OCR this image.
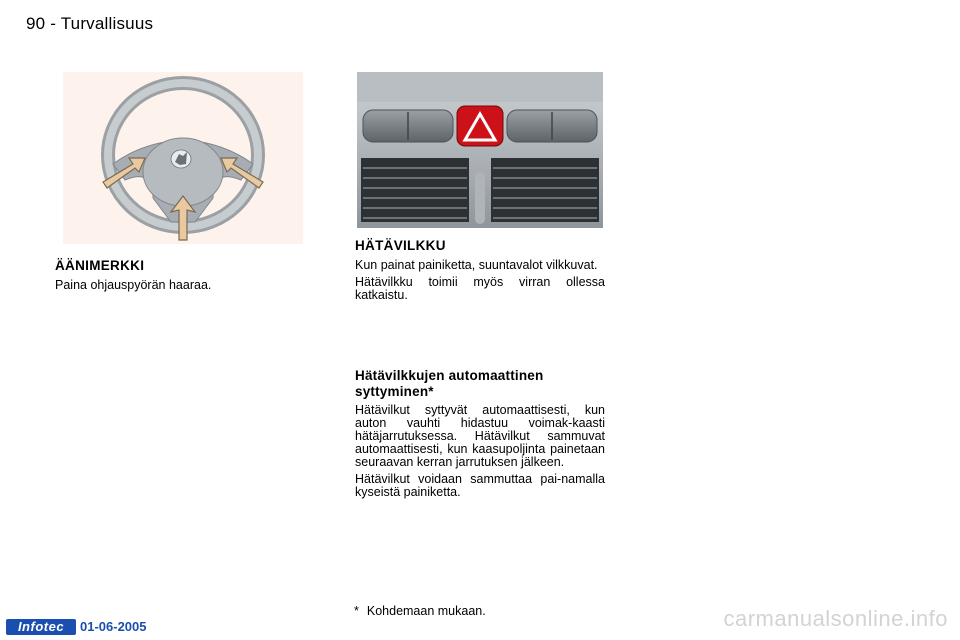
90 - Turvallisuus
ÄÄNIMERKKI

Paina ohjauspyörän haaraa.

HÄTÄVILKKU

Kun painat painiketta, suuntavalot vilkkuvat.

Hätävilkku toimii myös virran ollessa katkaistu.

Hätävilkkujen automaattinen syttyminen*

Hätävilkut syttyvät automaattisesti, kun auton vauhti hidastuu voimak-kaasti hätäjarrutuksessa. Hätävilkut sammuvat automaattisesti, kun kaasupoljinta painetaan seuraavan kerran jarrutuksen jälkeen.

Hätävilkut voidaan sammuttaa pai-namalla kyseistä painiketta.

* Kohdemaan mukaan.
Infotec	01-06-2005	carmanualsonline.info
